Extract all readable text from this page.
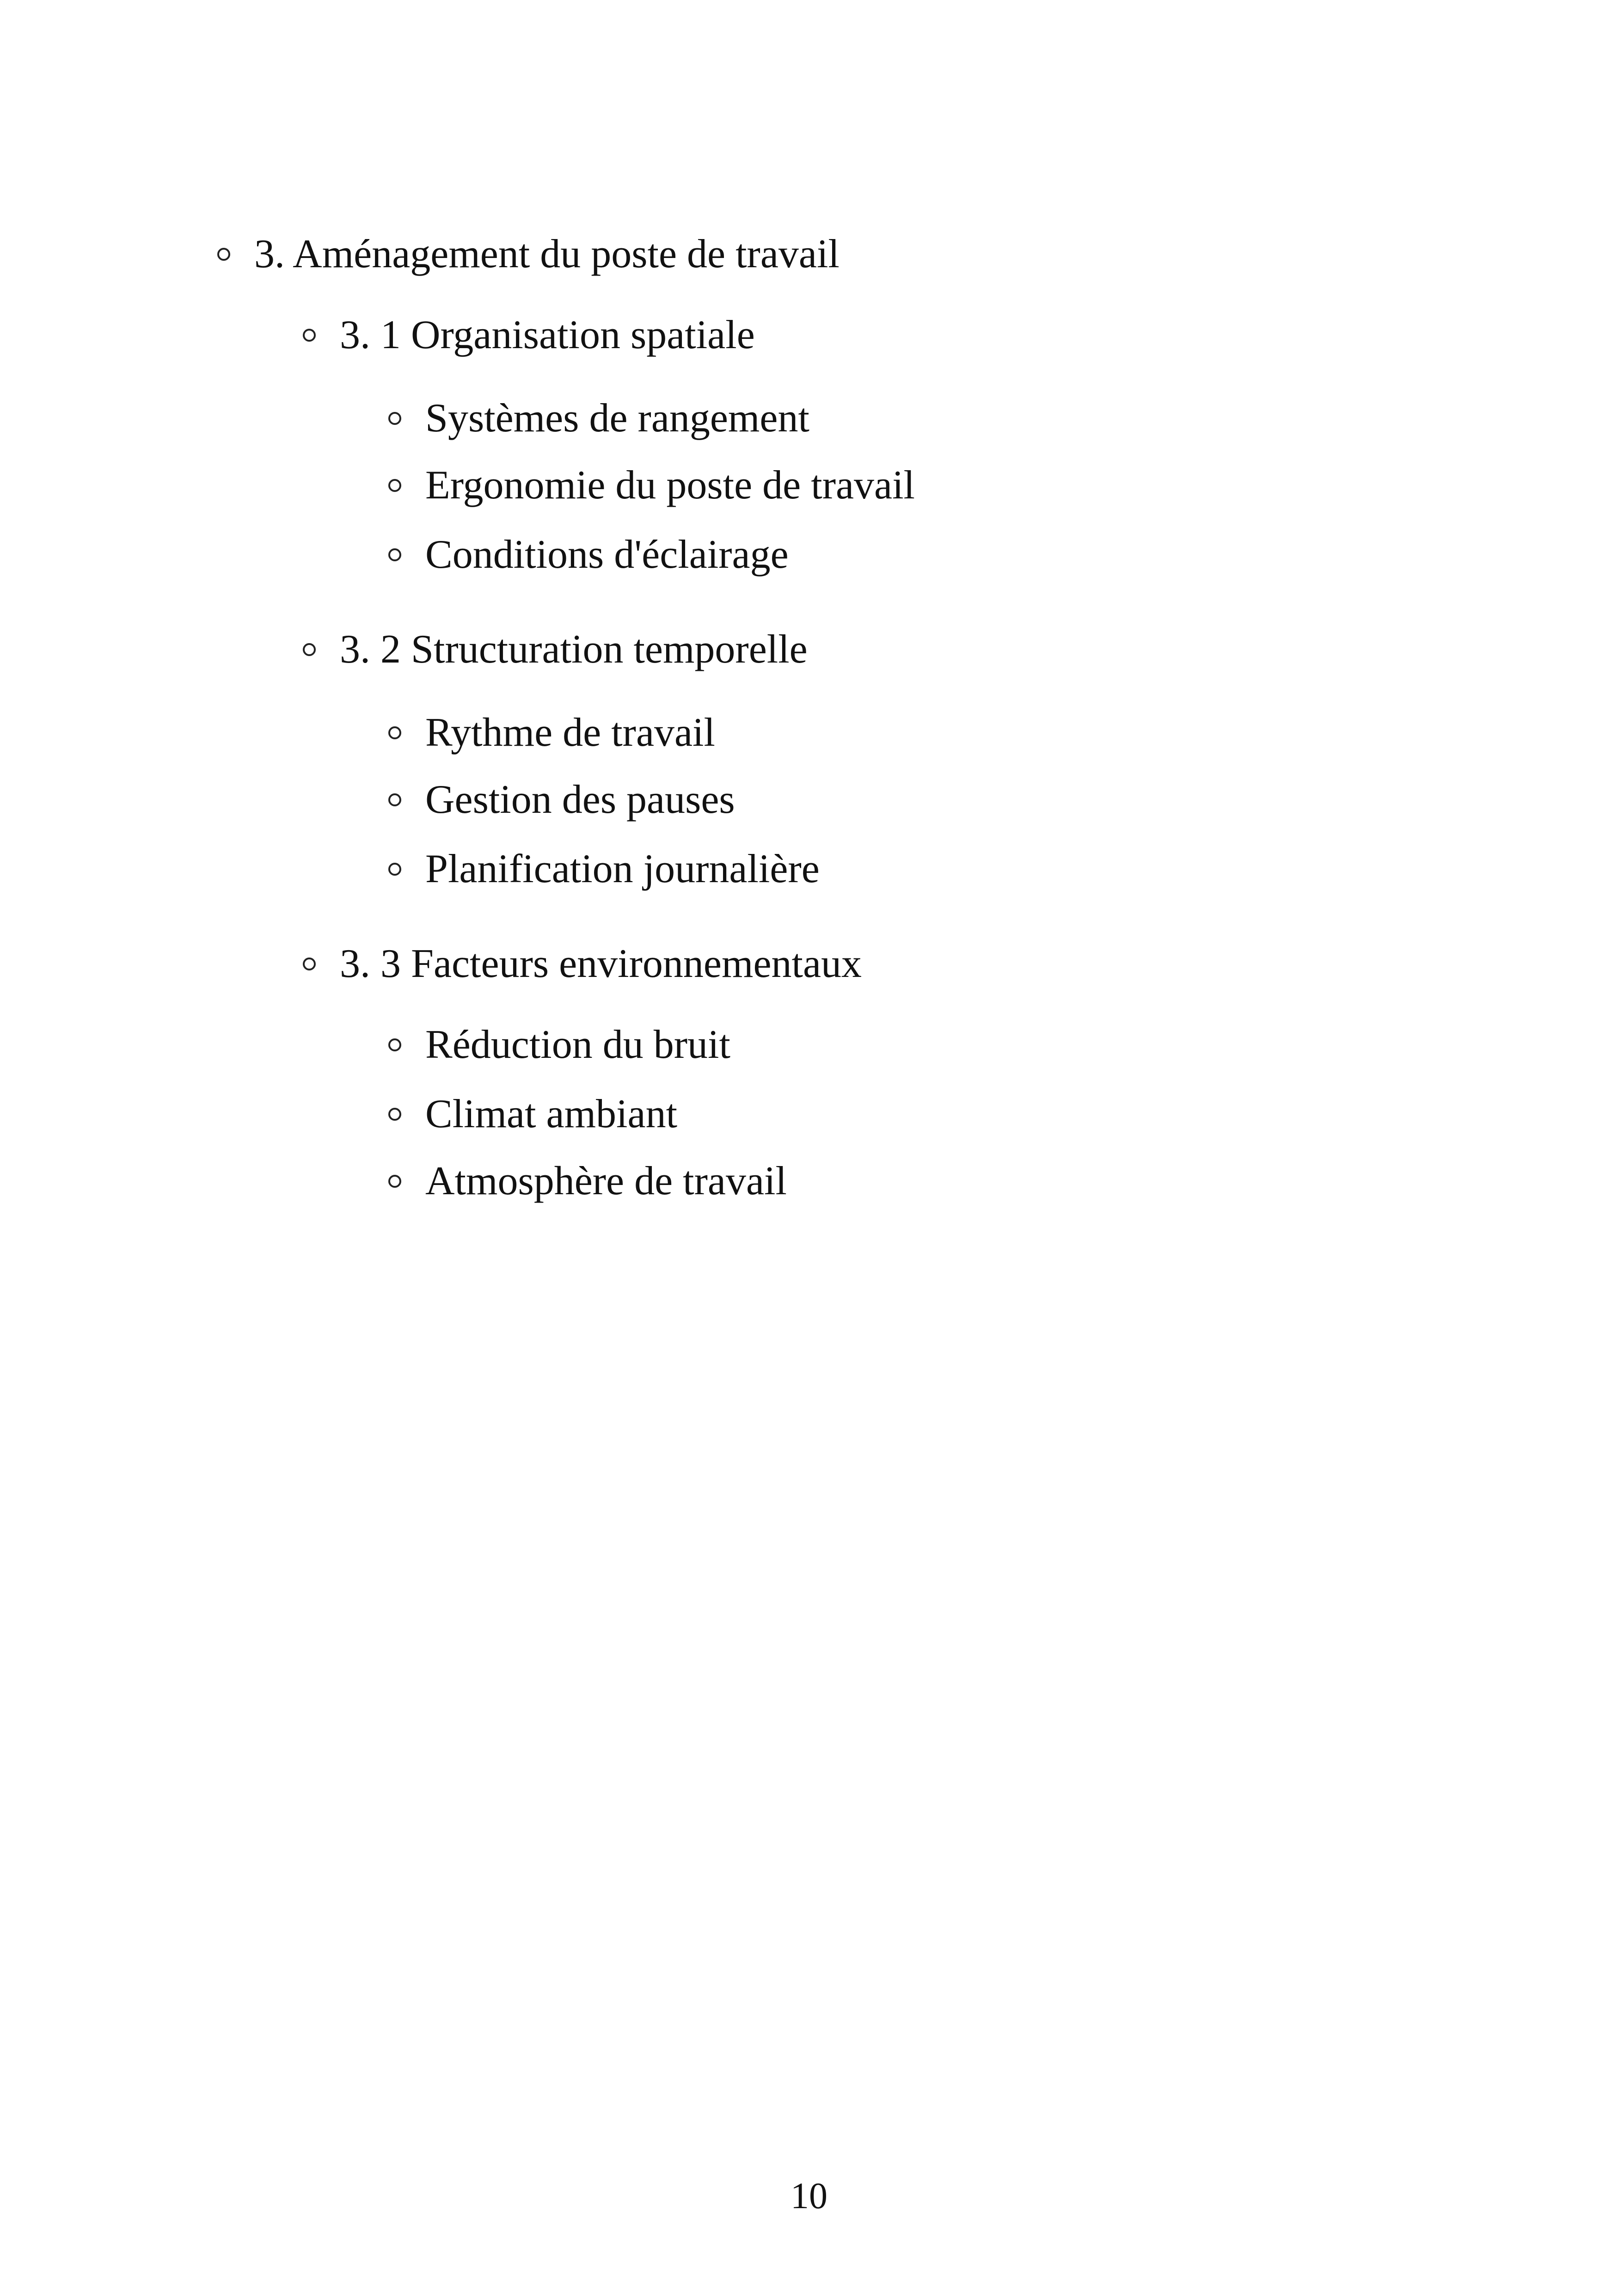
3. Aménagement du poste de travail
3. 1 Organisation spatiale
Systèmes de rangement
Ergonomie du poste de travail
Conditions d'éclairage
3. 2 Structuration temporelle
Rythme de travail
Gestion des pauses
Planification journalière
3. 3 Facteurs environnementaux
Réduction du bruit
Climat ambiant
Atmosphère de travail
10
